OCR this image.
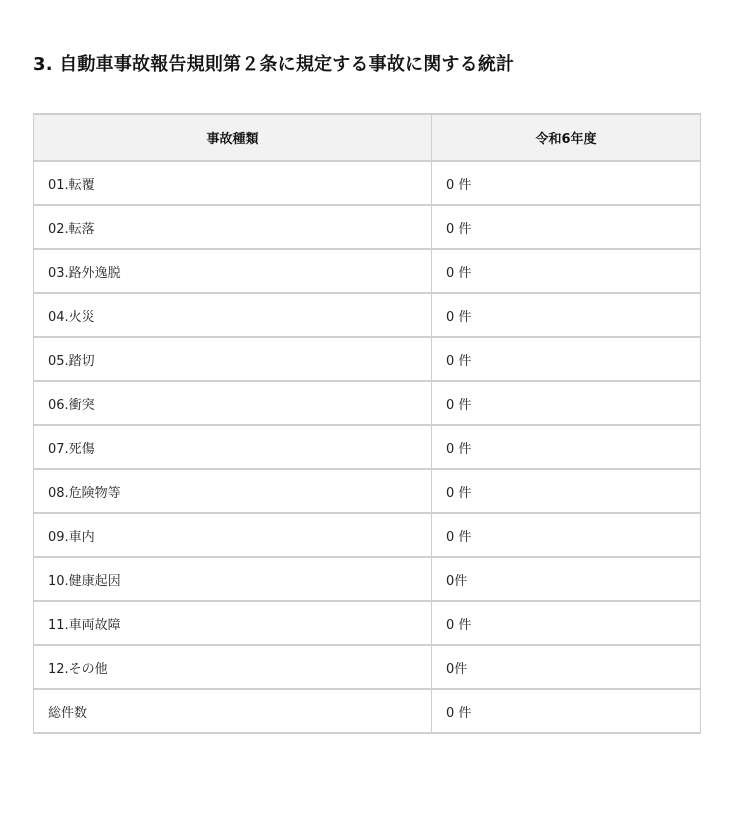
3. 自動車事故報告規則第２条に規定する事故に関する統計
事故種類	令和6年度
01.転覆	0 件
02.転落	0 件
03.路外逸脱	0 件
04.火災	0 件
05.踏切	0 件
06.衝突	0 件
07.死傷	0 件
08.危険物等	0 件
09.車内	0 件
10.健康起因	0件
11.車両故障	0 件
12.その他	0件
総件数	0 件
